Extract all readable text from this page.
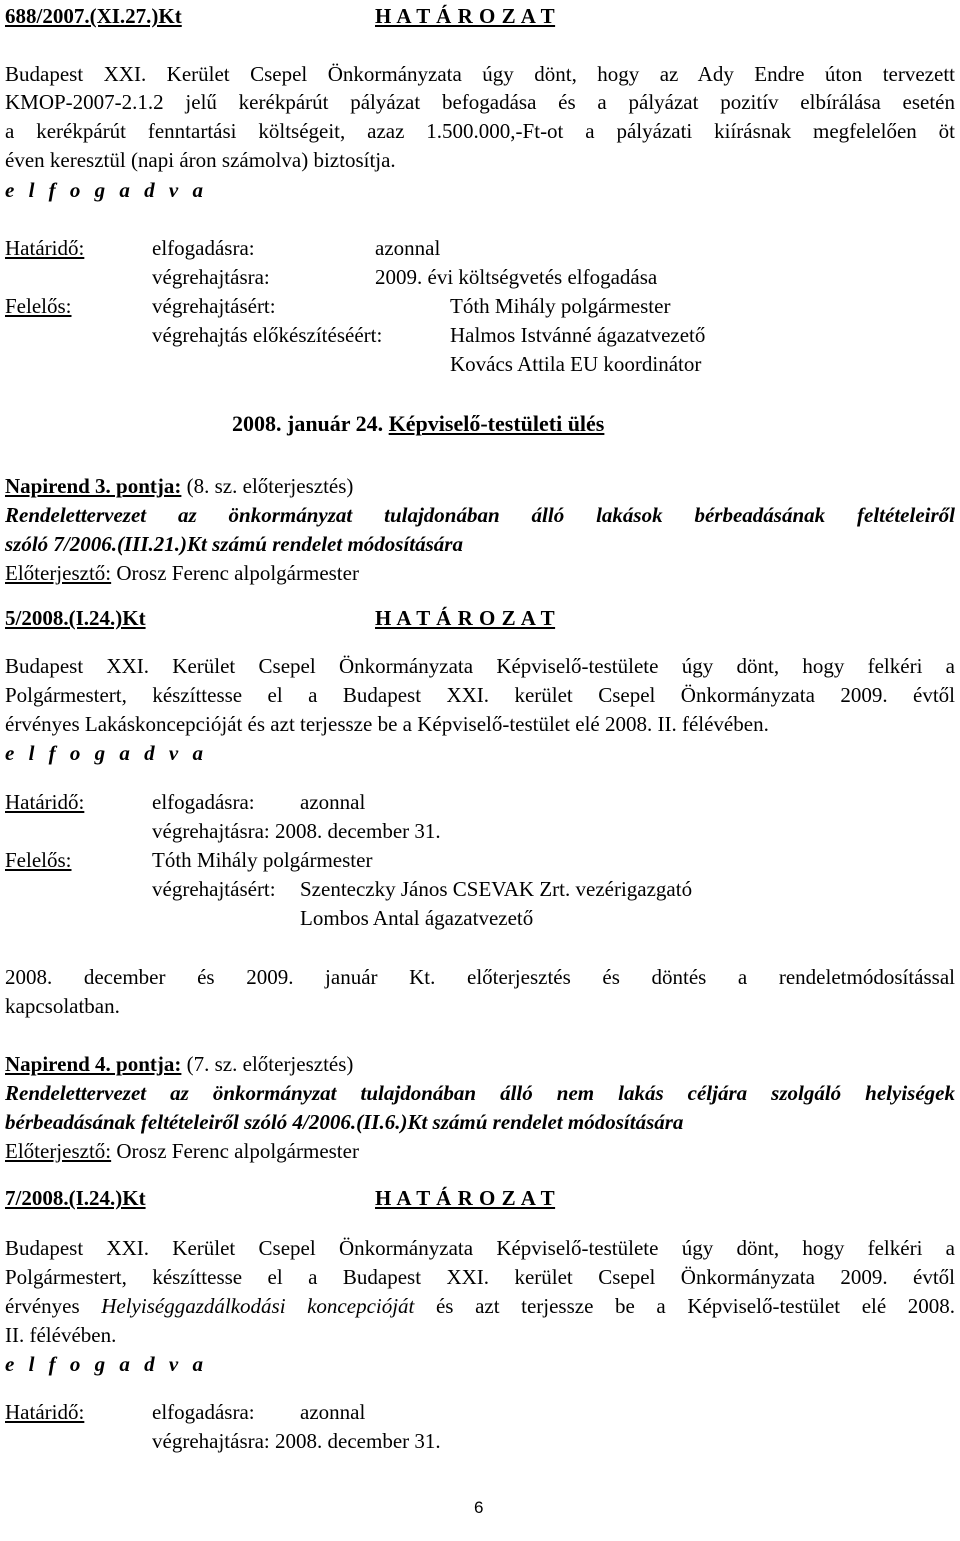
688/2007.(XI.27.)Kt	H A T Á R O Z A T
Budapest XXI. Kerület Csepel Önkormányzata úgy dönt, hogy az Ady Endre úton tervezett
KMOP-2007-2.1.2 jelű kerékpárút pályázat befogadása és a pályázat pozitív elbírálása esetén
a kerékpárút fenntartási költségeit, azaz 1.500.000,-Ft-ot a pályázati kiírásnak megfelelően öt
éven keresztül (napi áron számolva) biztosítja.
e l f o g a d v a
Határidő:	elfogadásra:	azonnal
végrehajtásra:	2009. évi költségvetés elfogadása
Felelős:	végrehajtásért:	Tóth Mihály polgármester
végrehajtás előkészítéséért:	Halmos Istvánné ágazatvezető
Kovács Attila EU koordinátor
2008. január 24. Képviselő-testületi ülés
Napirend 3. pontja: (8. sz. előterjesztés)
Rendelettervezet az önkormányzat tulajdonában álló lakások bérbeadásának feltételeiről
szóló 7/2006.(III.21.)Kt számú rendelet módosítására
Előterjesztő: Orosz Ferenc alpolgármester
5/2008.(I.24.)Kt	H A T Á R O Z A T
Budapest XXI. Kerület Csepel Önkormányzata Képviselő-testülete úgy dönt, hogy felkéri a
Polgármestert, készíttesse el a Budapest XXI. kerület Csepel Önkormányzata 2009. évtől
érvényes Lakáskoncepcióját és azt terjessze be a Képviselő-testület elé 2008. II. félévében.
e l f o g a d v a
Határidő:	elfogadásra: azonnal
végrehajtásra: 2008. december 31.
Felelős:	Tóth Mihály polgármester
végrehajtásért: Szenteczky János CSEVAK Zrt. vezérigazgató
Lombos Antal ágazatvezető
2008. december és 2009. január Kt. előterjesztés és döntés a rendeletmódosítással
kapcsolatban.
Napirend 4. pontja: (7. sz. előterjesztés)
Rendelettervezet az önkormányzat tulajdonában álló nem lakás céljára szolgáló helyiségek
bérbeadásának feltételeiről szóló 4/2006.(II.6.)Kt számú rendelet módosítására
Előterjesztő: Orosz Ferenc alpolgármester
7/2008.(I.24.)Kt	H A T Á R O Z A T
Budapest XXI. Kerület Csepel Önkormányzata Képviselő-testülete úgy dönt, hogy felkéri a
Polgármestert, készíttesse el a Budapest XXI. kerület Csepel Önkormányzata 2009. évtől
érvényes Helyiséggazdálkodási koncepcióját és azt terjessze be a Képviselő-testület elé 2008.
II. félévében.
e l f o g a d v a
Határidő:	elfogadásra: azonnal
végrehajtásra: 2008. december 31.
6
